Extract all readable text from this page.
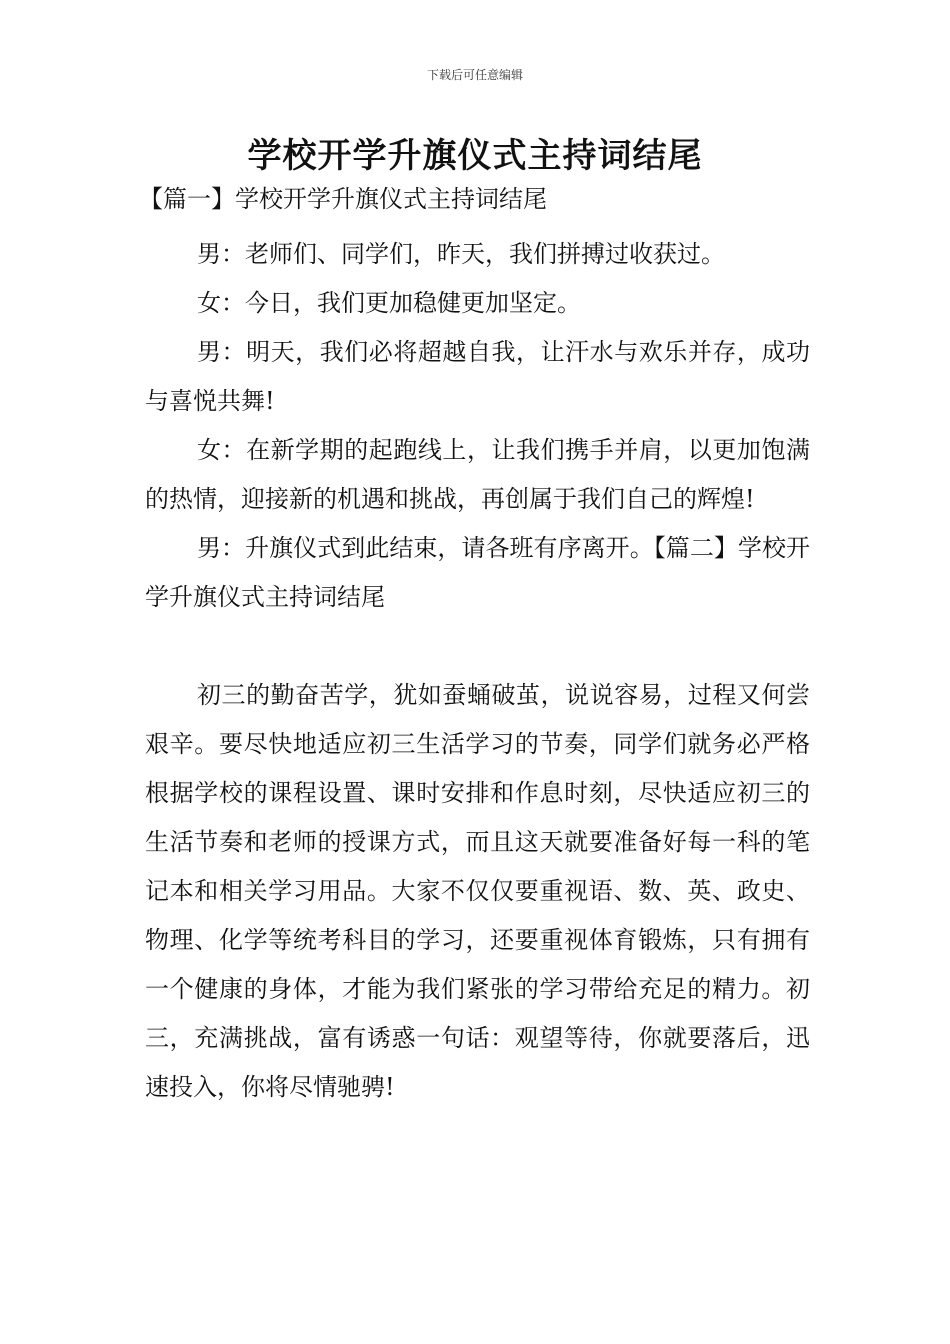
下载后可任意编辑
学校开学升旗仪式主持词结尾
【篇一】学校开学升旗仪式主持词结尾

男：老师们、同学们，昨天，我们拼搏过收获过。

女：今日，我们更加稳健更加坚定。

男：明天，我们必将超越自我，让汗水与欢乐并存，成功与喜悦共舞!

女：在新学期的起跑线上，让我们携手并肩，以更加饱满的热情，迎接新的机遇和挑战，再创属于我们自己的辉煌!

男：升旗仪式到此结束，请各班有序离开。【篇二】学校开学升旗仪式主持词结尾

初三的勤奋苦学，犹如蚕蛹破茧，说说容易，过程又何尝艰辛。要尽快地适应初三生活学习的节奏，同学们就务必严格根据学校的课程设置、课时安排和作息时刻，尽快适应初三的生活节奏和老师的授课方式，而且这天就要准备好每一科的笔记本和相关学习用品。大家不仅仅要重视语、数、英、政史、物理、化学等统考科目的学习，还要重视体育锻炼，只有拥有一个健康的身体，才能为我们紧张的学习带给充足的精力。初三，充满挑战，富有诱惑一句话：观望等待，你就要落后，迅速投入，你将尽情驰骋!
